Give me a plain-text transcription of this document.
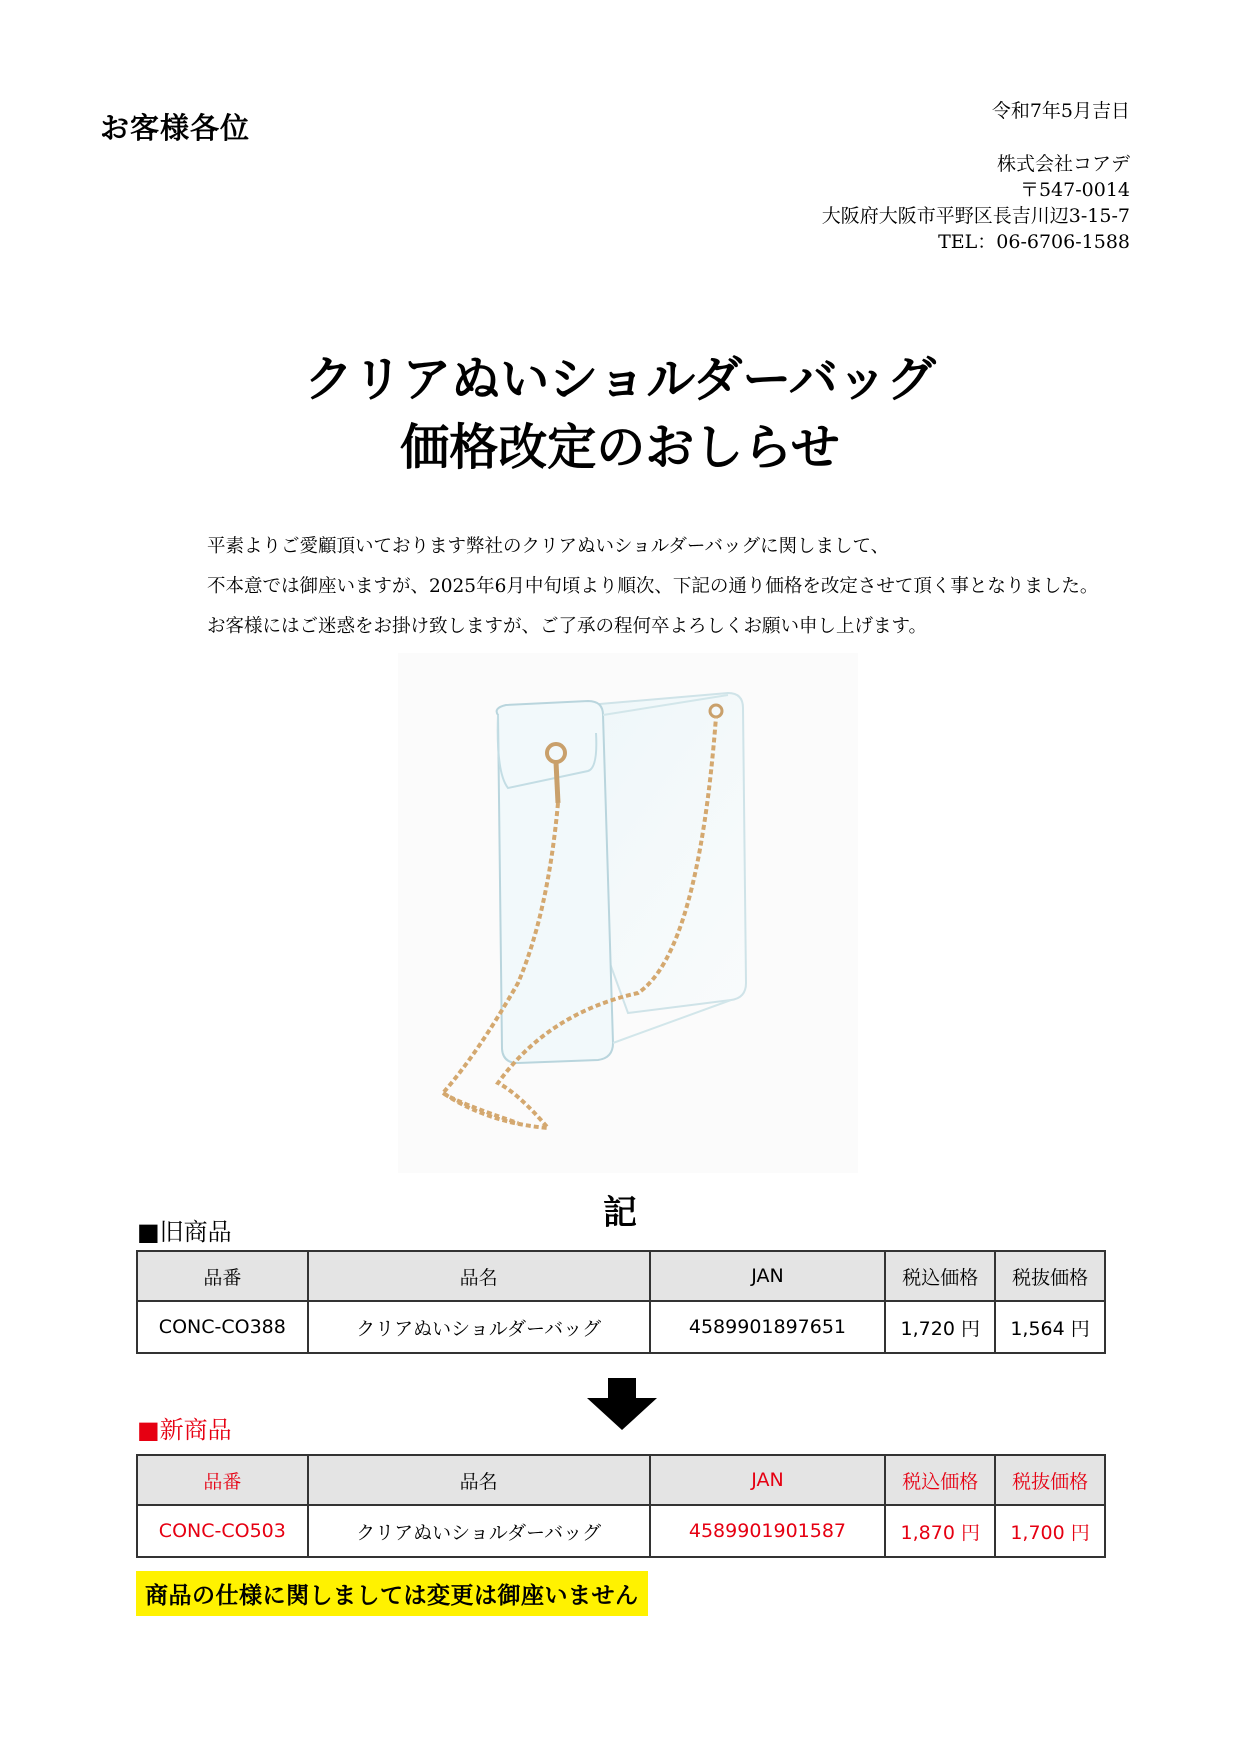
お客様各位	令和7年5月吉日
株式会社コアデ
〒547-0014
大阪府大阪市平野区長吉川辺3-15-7
TEL：06-6706-1588
クリアぬいショルダーバッグ
価格改定のおしらせ
平素よりご愛顧頂いております弊社のクリアぬいショルダーバッグに関しまして、
不本意では御座いますが、2025年6月中旬頃より順次、下記の通り価格を改定させて頂く事となりました。
お客様にはご迷惑をお掛け致しますが、ご了承の程何卒よろしくお願い申し上げます。
記
■旧商品
品番	品名	JAN	税込価格	税抜価格
CONC-CO388	クリアぬいショルダーバッグ	4589901897651	1,720 円	1,564 円
■新商品
品番	品名	JAN	税込価格	税抜価格
CONC-CO503	クリアぬいショルダーバッグ	4589901901587	1,870 円	1,700 円
商品の仕様に関しましては変更は御座いません
